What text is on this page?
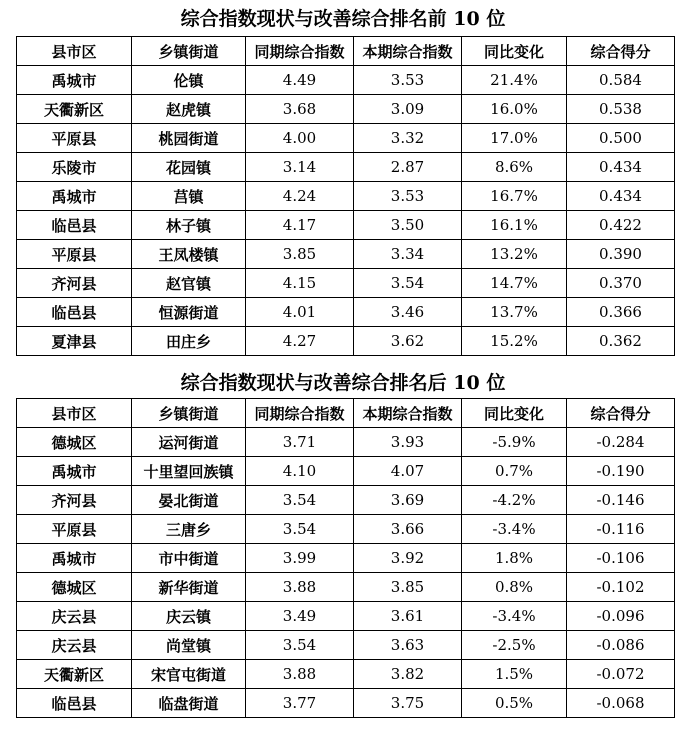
综合指数现状与改善综合排名前 10 位
县市区	乡镇街道	同期综合指数	本期综合指数	同比变化	综合得分
禹城市	伦镇	4.49	3.53	21.4%	0.584
天衢新区	赵虎镇	3.68	3.09	16.0%	0.538
平原县	桃园街道	4.00	3.32	17.0%	0.500
乐陵市	花园镇	3.14	2.87	8.6%	0.434
禹城市	莒镇	4.24	3.53	16.7%	0.434
临邑县	林子镇	4.17	3.50	16.1%	0.422
平原县	王凤楼镇	3.85	3.34	13.2%	0.390
齐河县	赵官镇	4.15	3.54	14.7%	0.370
临邑县	恒源街道	4.01	3.46	13.7%	0.366
夏津县	田庄乡	4.27	3.62	15.2%	0.362
综合指数现状与改善综合排名后 10 位
县市区	乡镇街道	同期综合指数	本期综合指数	同比变化	综合得分
德城区	运河街道	3.71	3.93	-5.9%	-0.284
禹城市	十里望回族镇	4.10	4.07	0.7%	-0.190
齐河县	晏北街道	3.54	3.69	-4.2%	-0.146
平原县	三唐乡	3.54	3.66	-3.4%	-0.116
禹城市	市中街道	3.99	3.92	1.8%	-0.106
德城区	新华街道	3.88	3.85	0.8%	-0.102
庆云县	庆云镇	3.49	3.61	-3.4%	-0.096
庆云县	尚堂镇	3.54	3.63	-2.5%	-0.086
天衢新区	宋官屯街道	3.88	3.82	1.5%	-0.072
临邑县	临盘街道	3.77	3.75	0.5%	-0.068
